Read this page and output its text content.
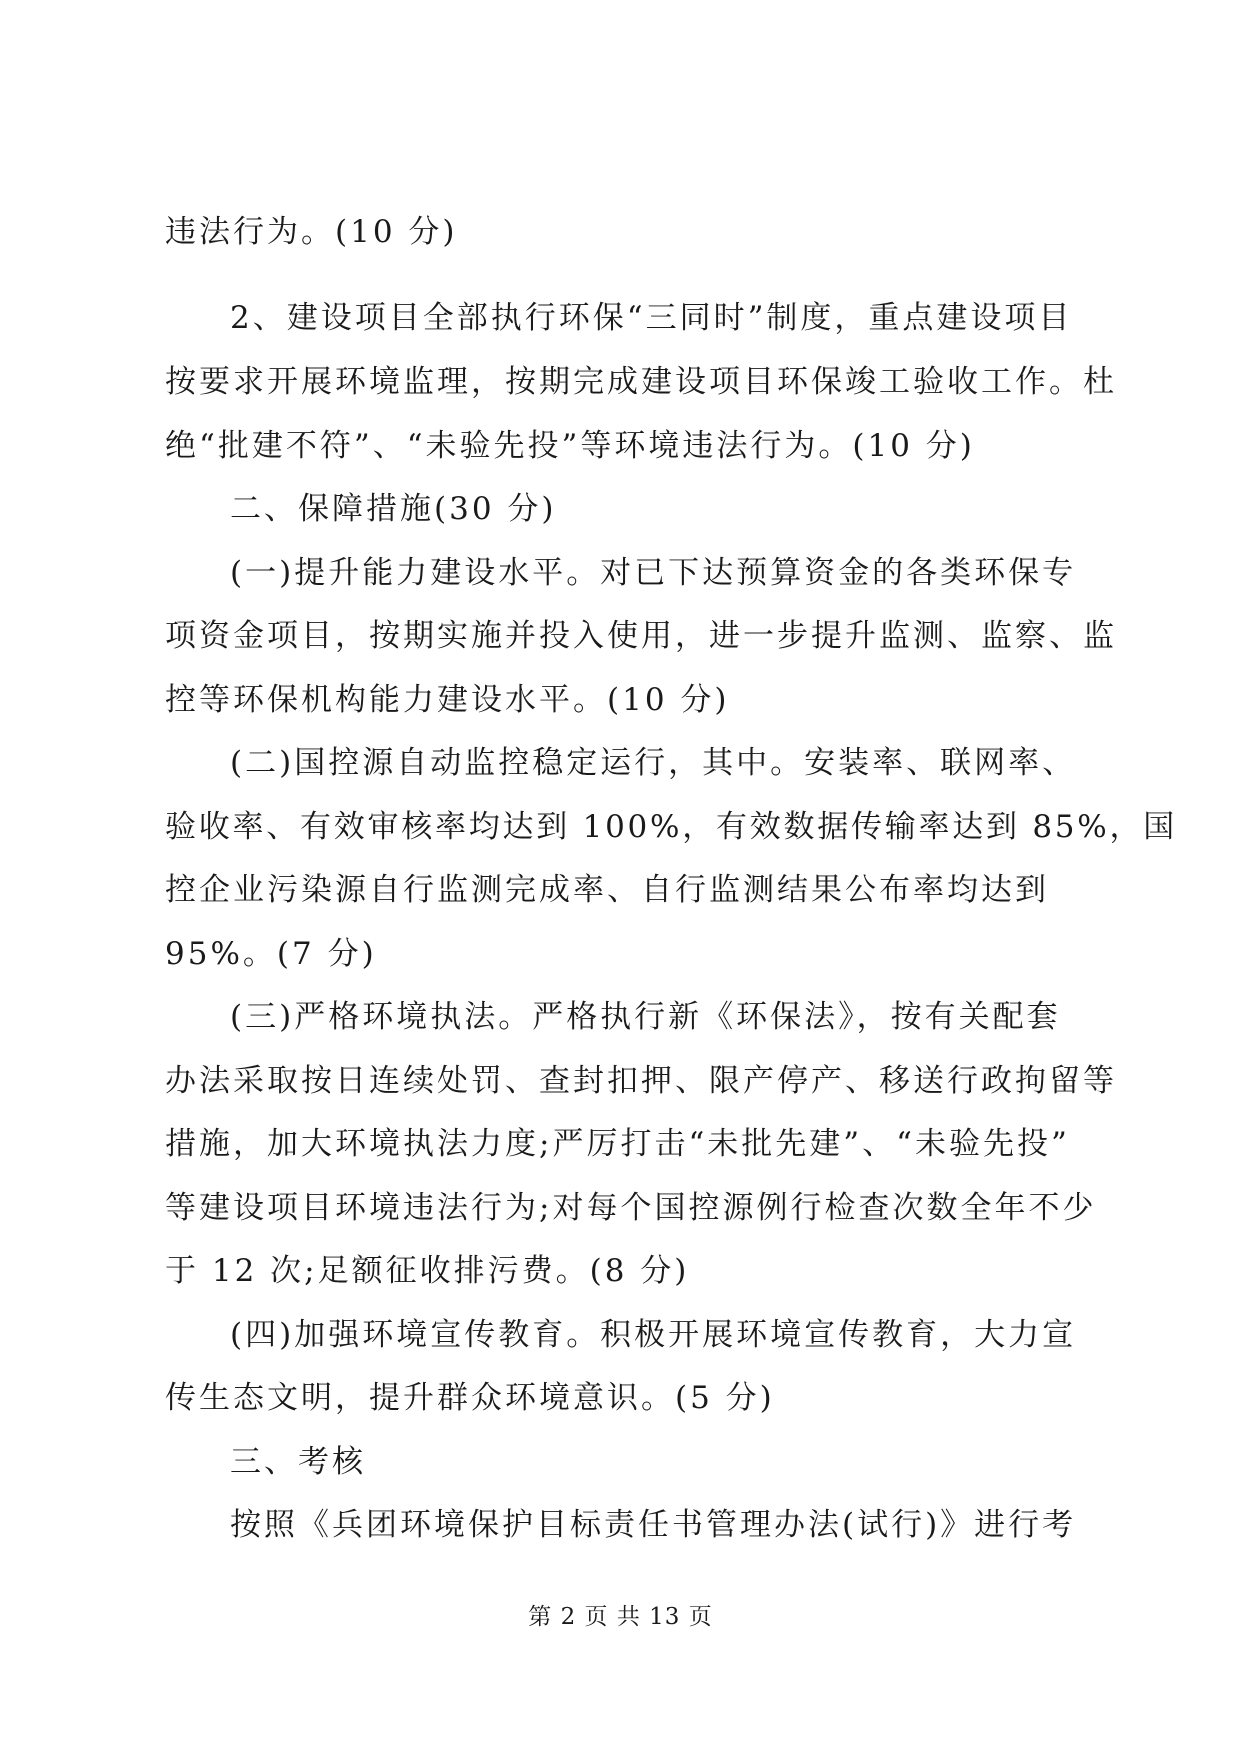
违法行为。(10 分)
2、建设项目全部执行环保“三同时”制度，重点建设项目
按要求开展环境监理，按期完成建设项目环保竣工验收工作。杜
绝“批建不符”、“未验先投”等环境违法行为。(10 分)
二、保障措施(30 分)
(一)提升能力建设水平。对已下达预算资金的各类环保专
项资金项目，按期实施并投入使用，进一步提升监测、监察、监
控等环保机构能力建设水平。(10 分)
(二)国控源自动监控稳定运行，其中。安装率、联网率、
验收率、有效审核率均达到 100%，有效数据传输率达到 85%，国
控企业污染源自行监测完成率、自行监测结果公布率均达到
95%。(7 分)
(三)严格环境执法。严格执行新《环保法》，按有关配套
办法采取按日连续处罚、查封扣押、限产停产、移送行政拘留等
措施，加大环境执法力度;严厉打击“未批先建”、“未验先投”
等建设项目环境违法行为;对每个国控源例行检查次数全年不少
于 12 次;足额征收排污费。(8 分)
(四)加强环境宣传教育。积极开展环境宣传教育，大力宣
传生态文明，提升群众环境意识。(5 分)
三、考核
按照《兵团环境保护目标责任书管理办法(试行)》进行考
第 2 页 共 13 页
